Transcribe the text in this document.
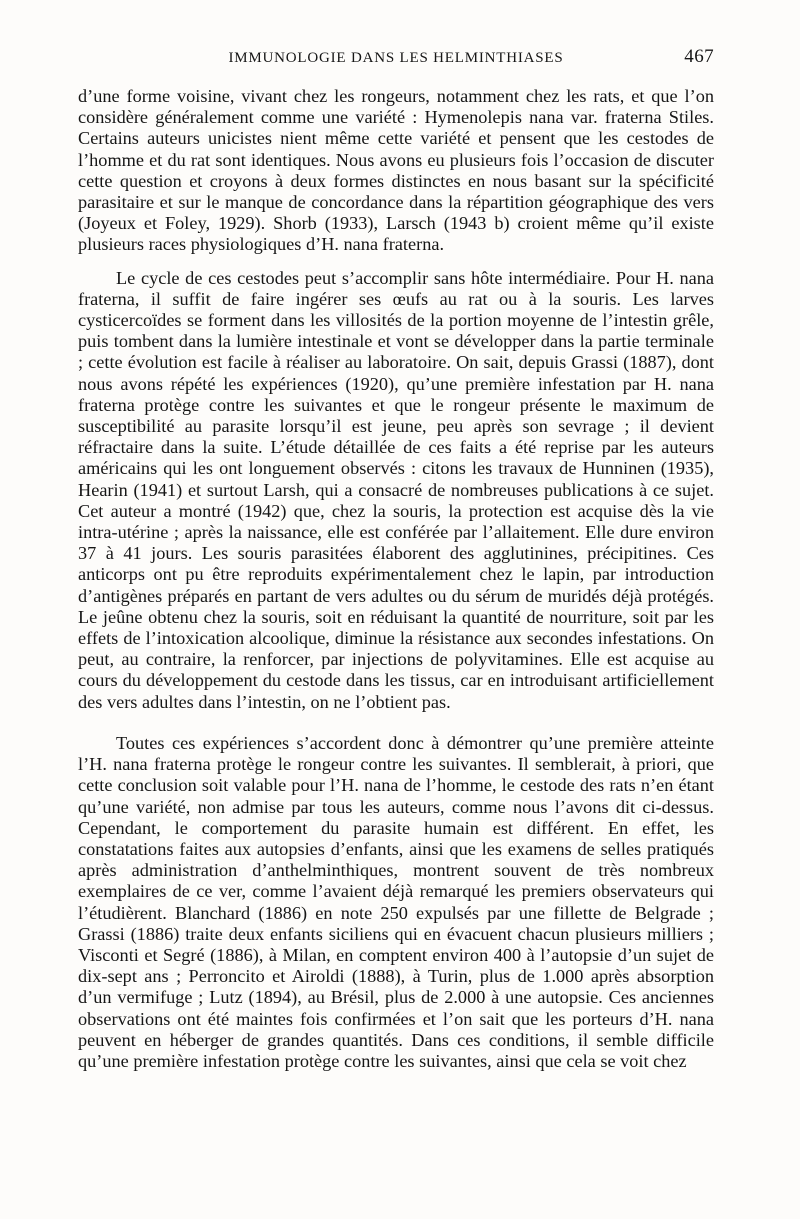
IMMUNOLOGIE DANS LES HELMINTHIASES	467

d’une forme voisine, vivant chez les rongeurs, notamment chez les rats, et que l’on considère généralement comme une variété : Hymenolepis nana var. fraterna Stiles. Certains auteurs unicistes nient même cette variété et pensent que les cestodes de l’homme et du rat sont identiques. Nous avons eu plusieurs fois l’occasion de discuter cette question et croyons à deux formes distinctes en nous basant sur la spécificité parasitaire et sur le manque de concordance dans la répartition géographique des vers (Joyeux et Foley, 1929). Shorb (1933), Larsch (1943 b) croient même qu’il existe plusieurs races physiologiques d’H. nana fraterna.

Le cycle de ces cestodes peut s’accomplir sans hôte intermédiaire. Pour H. nana fraterna, il suffit de faire ingérer ses œufs au rat ou à la souris. Les larves cysticercoïdes se forment dans les villosités de la portion moyenne de l’intestin grêle, puis tombent dans la lumière intestinale et vont se développer dans la partie terminale ; cette évolution est facile à réaliser au laboratoire. On sait, depuis Grassi (1887), dont nous avons répété les expériences (1920), qu’une première infestation par H. nana fraterna protège contre les suivantes et que le rongeur présente le maximum de susceptibilité au parasite lorsqu’il est jeune, peu après son sevrage ; il devient réfractaire dans la suite. L’étude détaillée de ces faits a été reprise par les auteurs américains qui les ont longuement observés : citons les travaux de Hunninen (1935), Hearin (1941) et surtout Larsh, qui a consacré de nombreuses publications à ce sujet. Cet auteur a montré (1942) que, chez la souris, la protection est acquise dès la vie intra-utérine ; après la naissance, elle est conférée par l’allaitement. Elle dure environ 37 à 41 jours. Les souris parasitées élaborent des agglutinines, précipitines. Ces anticorps ont pu être reproduits expérimentalement chez le lapin, par introduction d’antigènes préparés en partant de vers adultes ou du sérum de muridés déjà protégés. Le jeûne obtenu chez la souris, soit en réduisant la quantité de nourriture, soit par les effets de l’intoxication alcoolique, diminue la résistance aux secondes infestations. On peut, au contraire, la renforcer, par injections de polyvitamines. Elle est acquise au cours du développement du cestode dans les tissus, car en introduisant artificiellement des vers adultes dans l’intestin, on ne l’obtient pas.

Toutes ces expériences s’accordent donc à démontrer qu’une première atteinte l’H. nana fraterna protège le rongeur contre les suivantes. Il semblerait, à priori, que cette conclusion soit valable pour l’H. nana de l’homme, le cestode des rats n’en étant qu’une variété, non admise par tous les auteurs, comme nous l’avons dit ci-dessus. Cependant, le comportement du parasite humain est différent. En effet, les constatations faites aux autopsies d’enfants, ainsi que les examens de selles pratiqués après administration d’anthelminthiques, montrent souvent de très nombreux exemplaires de ce ver, comme l’avaient déjà remarqué les premiers observateurs qui l’étudièrent. Blanchard (1886) en note 250 expulsés par une fillette de Belgrade ; Grassi (1886) traite deux enfants siciliens qui en évacuent chacun plusieurs milliers ; Visconti et Segré (1886), à Milan, en comptent environ 400 à l’autopsie d’un sujet de dix-sept ans ; Perroncito et Airoldi (1888), à Turin, plus de 1.000 après absorption d’un vermifuge ; Lutz (1894), au Brésil, plus de 2.000 à une autopsie. Ces anciennes observations ont été maintes fois confirmées et l’on sait que les porteurs d’H. nana peuvent en héberger de grandes quantités. Dans ces conditions, il semble difficile qu’une première infestation protège contre les suivantes, ainsi que cela se voit chez
